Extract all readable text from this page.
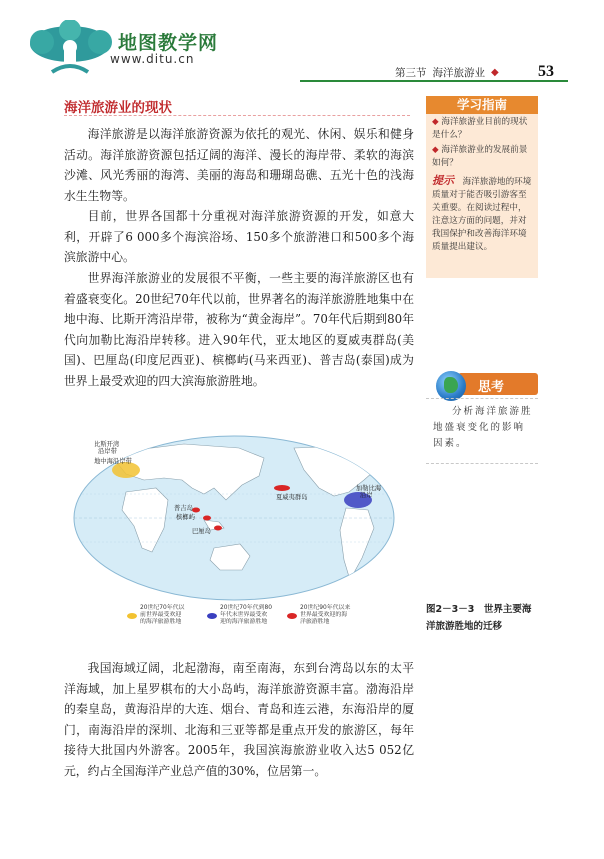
地图教学网
www.ditu.cn
第三节 海洋旅游业 ◆ 53
海洋旅游业的现状
海洋旅游是以海洋旅游资源为依托的观光、休闲、娱乐和健身活动。海洋旅游资源包括辽阔的海洋、漫长的海岸带、柔软的海滨沙滩、风光秀丽的海湾、美丽的海岛和珊瑚岛礁、五光十色的浅海水生生物等。
目前，世界各国都十分重视对海洋旅游资源的开发，如意大利，开辟了6 000多个海滨浴场、150多个旅游港口和500多个海滨旅游中心。
世界海洋旅游业的发展很不平衡，一些主要的海洋旅游区也有着盛衰变化。20世纪70年代以前，世界著名的海洋旅游胜地集中在地中海、比斯开湾沿岸带，被称为“黄金海岸”。70年代后期到80年代向加勒比海沿岸转移。进入90年代，亚太地区的夏威夷群岛(美国)、巴厘岛(印度尼西亚)、槟榔屿(马来西亚)、普吉岛(泰国)成为世界上最受欢迎的四大滨海旅游胜地。
我国海域辽阔，北起渤海，南至南海，东到台湾岛以东的太平洋海域，加上星罗棋布的大小岛屿，海洋旅游资源丰富。渤海沿岸的秦皇岛，黄海沿岸的大连、烟台、青岛和连云港，东海沿岸的厦门，南海沿岸的深圳、北海和三亚等都是重点开发的旅游区，每年接待大批国内外游客。2005年，我国滨海旅游业收入达5 052亿元，约占全国海洋产业总产值的30%，位居第一。
学习指南
◆ 海洋旅游业目前的现状是什么？
◆ 海洋旅游业的发展前景如何？
提示　 海洋旅游地的环境质量对于能否吸引游客至关重要。在阅读过程中，注意这方面的问题，并对我国保护和改善海洋环境质量提出建议。
思考
分析海洋旅游胜地盛衰变化的影响因素。
比斯开湾
沿岸带
地中海沿岸带
夏威夷群岛
加勒比海
沿岸
普吉岛
槟榔屿
巴厘岛
20世纪70年代以
前世界最受欢迎
的海洋旅游胜地
20世纪70年代到80
年代末世界最受欢
迎的海洋旅游胜地
20世纪90年代以来
世界最受欢迎的海
洋旅游胜地
图2－3－3　世界主要海洋旅游胜地的迁移
